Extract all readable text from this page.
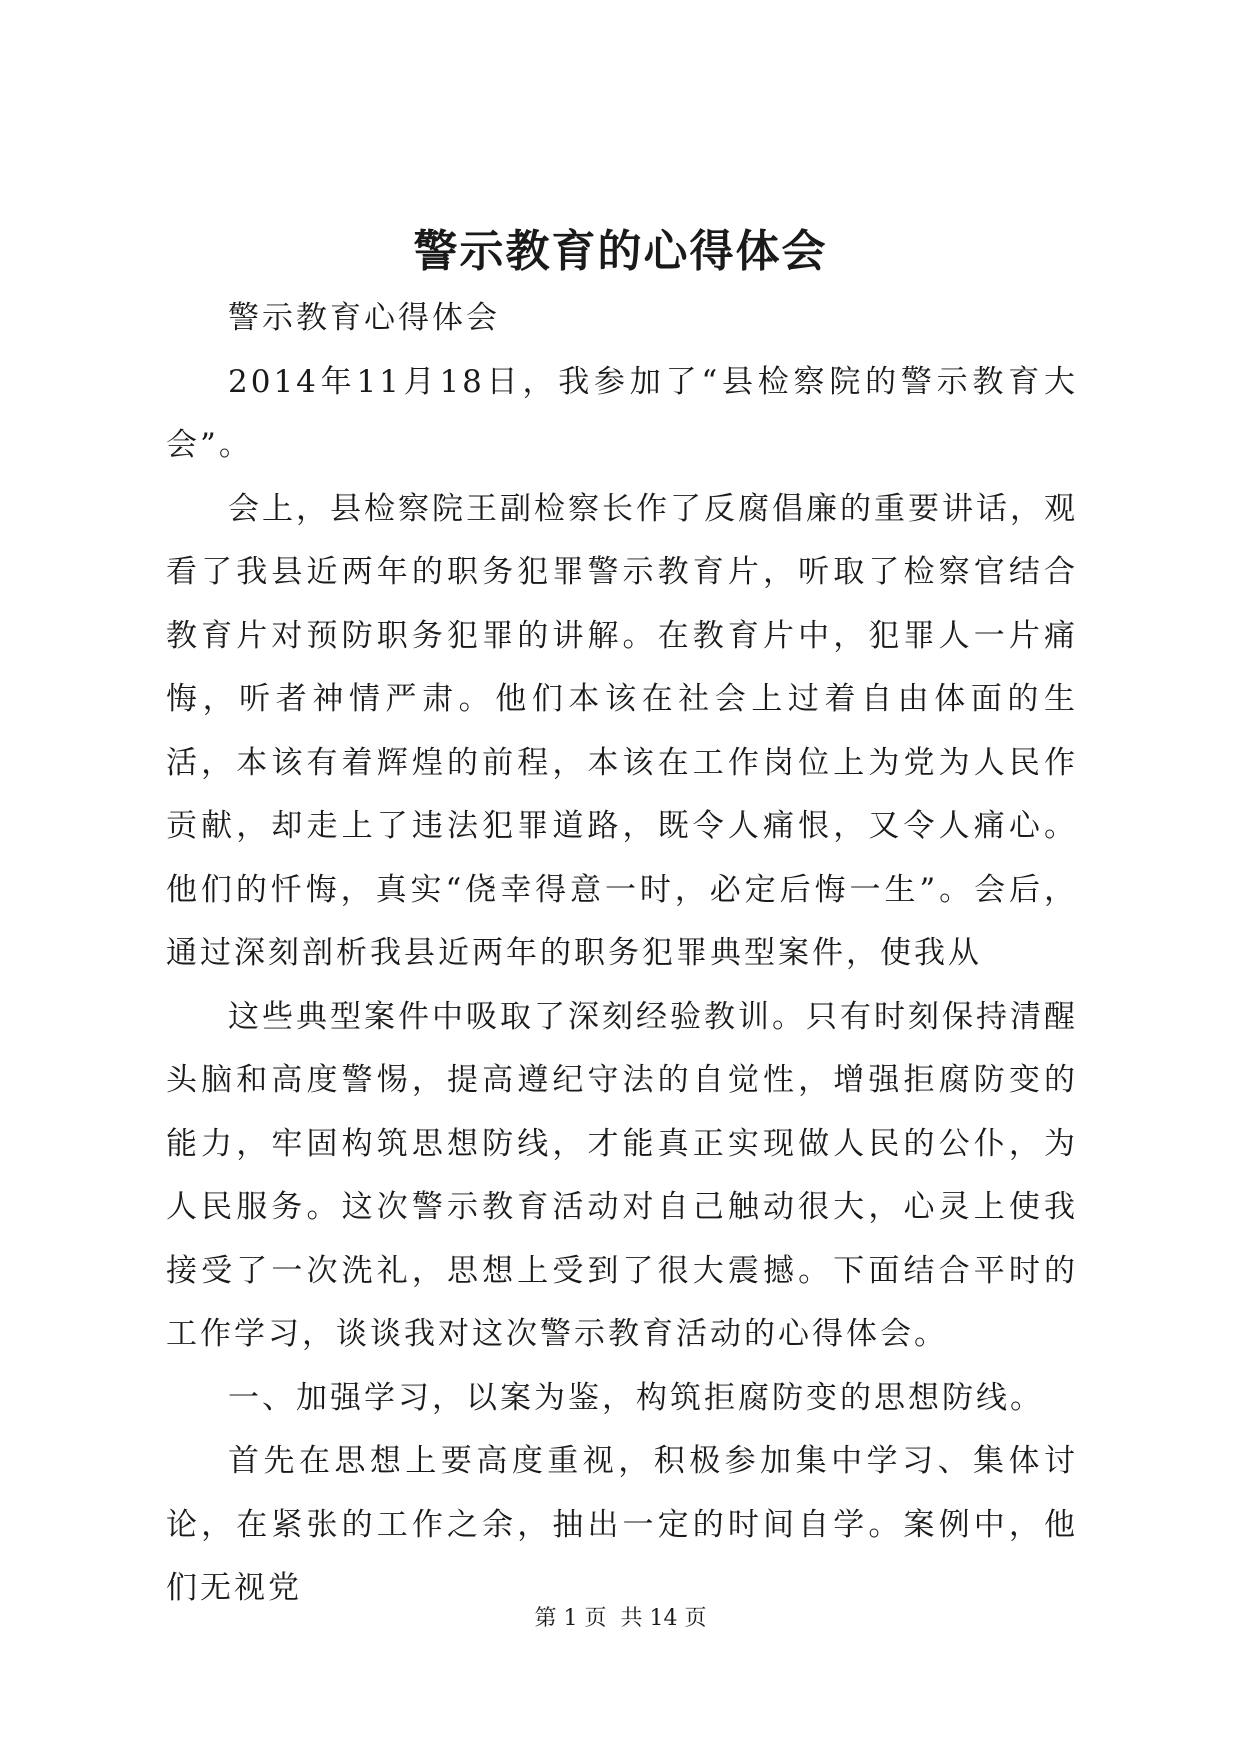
警示教育的心得体会

警示教育心得体会

2014年11月18日，我参加了“县检察院的警示教育大会”。

会上，县检察院王副检察长作了反腐倡廉的重要讲话，观看了我县近两年的职务犯罪警示教育片，听取了检察官结合教育片对预防职务犯罪的讲解。在教育片中，犯罪人一片痛悔，听者神情严肃。他们本该在社会上过着自由体面的生活，本该有着辉煌的前程，本该在工作岗位上为党为人民作贡献，却走上了违法犯罪道路，既令人痛恨，又令人痛心。他们的忏悔，真实“侥幸得意一时，必定后悔一生”。会后，通过深刻剖析我县近两年的职务犯罪典型案件，使我从

这些典型案件中吸取了深刻经验教训。只有时刻保持清醒头脑和高度警惕，提高遵纪守法的自觉性，增强拒腐防变的能力，牢固构筑思想防线，才能真正实现做人民的公仆，为人民服务。这次警示教育活动对自己触动很大，心灵上使我接受了一次洗礼，思想上受到了很大震撼。下面结合平时的工作学习，谈谈我对这次警示教育活动的心得体会。

一、加强学习，以案为鉴，构筑拒腐防变的思想防线。

首先在思想上要高度重视，积极参加集中学习、集体讨论，在紧张的工作之余，抽出一定的时间自学。案例中，他们无视党

第 1 页  共 14 页
